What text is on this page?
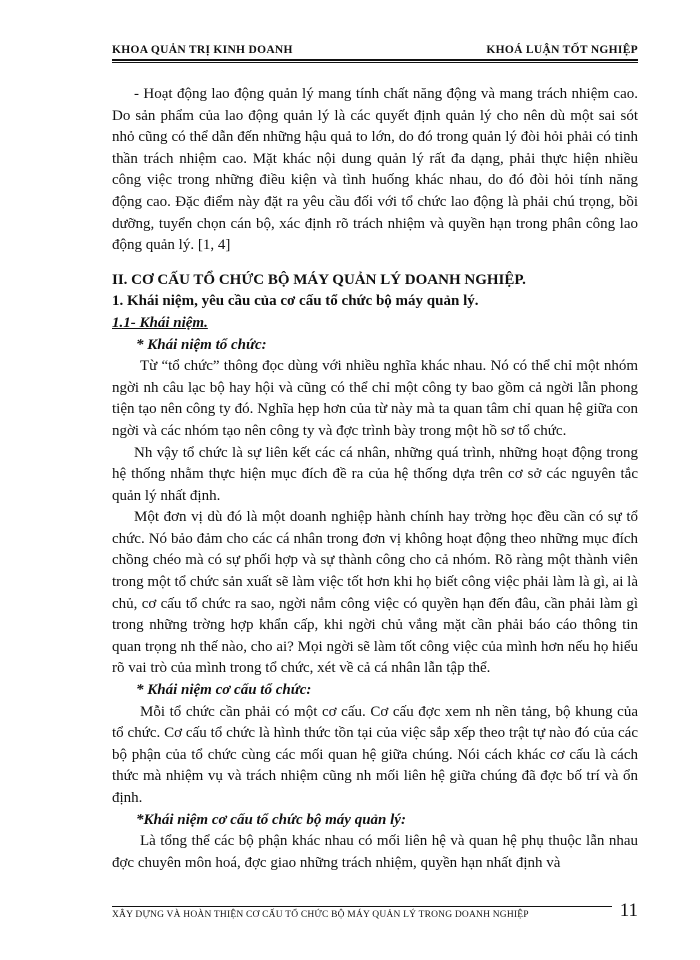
KHOA QUẢN TRỊ KINH DOANH	KHOÁ LUẬN TỐT NGHIỆP

- Hoạt động lao động quản lý mang tính chất năng động và mang trách nhiệm cao. Do sản phẩm của lao động quản lý là các quyết định quản lý cho nên dù một sai sót nhỏ cũng có thể dẫn đến những hậu quả to lớn, do đó trong quản lý đòi hỏi phải có tinh thần trách nhiệm cao. Mặt khác nội dung quản lý rất đa dạng, phải thực hiện nhiều công việc trong những điều kiện và tình huống khác nhau, do đó đòi hỏi tính năng động cao. Đặc điểm này đặt ra yêu cầu đối với tổ chức lao động là phải chú trọng, bồi dưỡng, tuyển chọn cán bộ, xác định rõ trách nhiệm và quyền hạn trong phân công lao động quản lý. [1, 4]

II. CƠ CẤU TỔ CHỨC BỘ MÁY QUẢN LÝ DOANH NGHIỆP.

1. Khái niệm, yêu cầu của cơ cấu tổ chức bộ máy quản lý.

1.1- Khái niệm.

* Khái niệm tổ chức:

Từ “tổ chức” thông đọc dùng với nhiều nghĩa khác nhau. Nó có thể chỉ một nhóm ngời nh câu lạc bộ hay hội và cũng có thể chỉ một công ty bao gồm cả ngời lẫn phong tiện tạo nên công ty đó. Nghĩa hẹp hơn của từ này mà ta quan tâm chỉ quan hệ giữa con ngời và các nhóm tạo nên công ty và đợc trình bày trong một hồ sơ tổ chức.

Nh vậy tổ chức là sự liên kết các cá nhân, những quá trình, những hoạt động trong hệ thống nhằm thực hiện mục đích đề ra của hệ thống dựa trên cơ sở các nguyên tắc quản lý nhất định.

Một đơn vị dù đó là một doanh nghiệp hành chính hay trờng học đều cần có sự tổ chức. Nó bảo đảm cho các cá nhân trong đơn vị không hoạt động theo những mục đích chồng chéo mà có sự phối hợp và sự thành công cho cả nhóm. Rõ ràng một thành viên trong một tổ chức sản xuất sẽ làm việc tốt hơn khi họ biết công việc phải làm là gì, ai là chủ, cơ cấu tổ chức ra sao, ngời nắm công việc có quyền hạn đến đâu, cần phải làm gì trong những trờng hợp khẩn cấp, khi ngời chủ vắng mặt cần phải báo cáo thông tin quan trọng nh thế nào, cho ai? Mọi ngời sẽ làm tốt công việc của mình hơn nếu họ hiểu rõ vai trò của mình trong tổ chức, xét về cả cá nhân lẫn tập thể.

* Khái niệm cơ cấu tổ chức:

Mỗi tổ chức cần phải có một cơ cấu. Cơ cấu đợc xem nh nền tảng, bộ khung của tổ chức. Cơ cấu tổ chức là hình thức tồn tại của việc sắp xếp theo trật tự nào đó của các bộ phận của tổ chức cùng các mối quan hệ giữa chúng. Nói cách khác cơ cấu là cách thức mà nhiệm vụ và trách nhiệm cũng nh mối liên hệ giữa chúng đã đợc bố trí và ổn định.

*Khái niệm cơ cấu tổ chức bộ máy quản lý:

Là tổng thể các bộ phận khác nhau có mối liên hệ và quan hệ phụ thuộc lẫn nhau đợc chuyên môn hoá, đợc giao những trách nhiệm, quyền hạn nhất định và

XÂY DỰNG VÀ HOÀN THIỆN CƠ CẤU TỔ CHỨC BỘ MÁY QUẢN LÝ TRONG DOANH NGHIỆP	11
